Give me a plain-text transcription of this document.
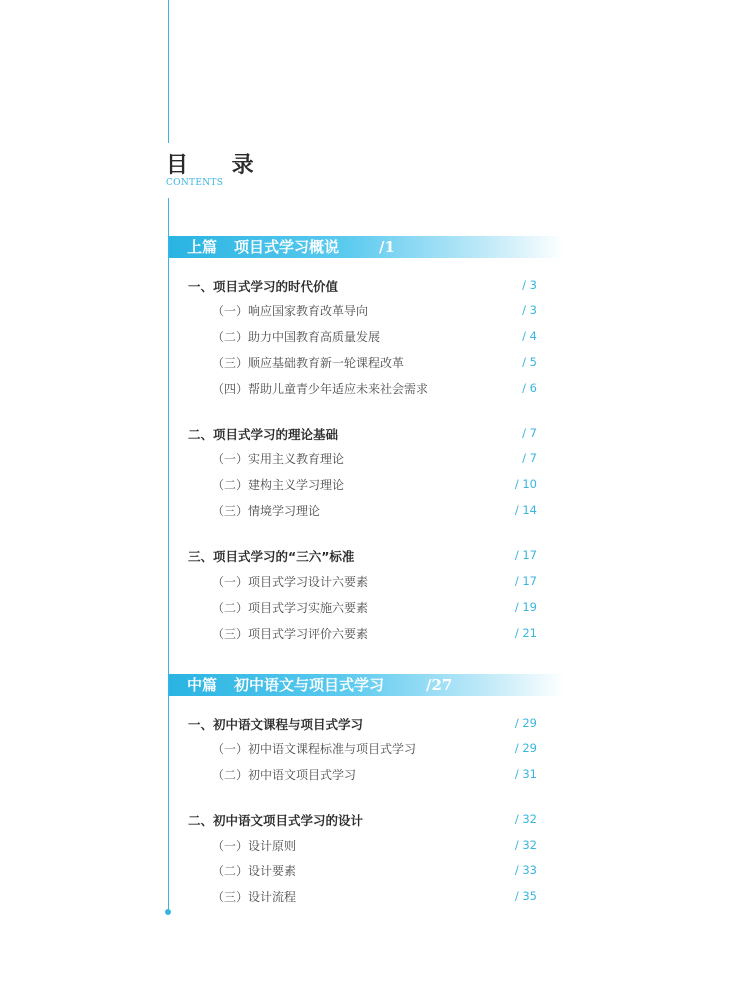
目 录
CONTENTS
上篇 项目式学习概说	/1
一、项目式学习的时代价值	/ 3
（一）响应国家教育改革导向	/ 3
（二）助力中国教育高质量发展	/ 4
（三）顺应基础教育新一轮课程改革	/ 5
（四）帮助儿童青少年适应未来社会需求	/ 6
二、项目式学习的理论基础	/ 7
（一）实用主义教育理论	/ 7
（二）建构主义学习理论	/ 10
（三）情境学习理论	/ 14
三、项目式学习的“三六”标准	/ 17
（一）项目式学习设计六要素	/ 17
（二）项目式学习实施六要素	/ 19
（三）项目式学习评价六要素	/ 21
中篇 初中语文与项目式学习	/27
一、初中语文课程与项目式学习	/ 29
（一）初中语文课程标准与项目式学习	/ 29
（二）初中语文项目式学习	/ 31
二、初中语文项目式学习的设计	/ 32
（一）设计原则	/ 32
（二）设计要素	/ 33
（三）设计流程	/ 35
